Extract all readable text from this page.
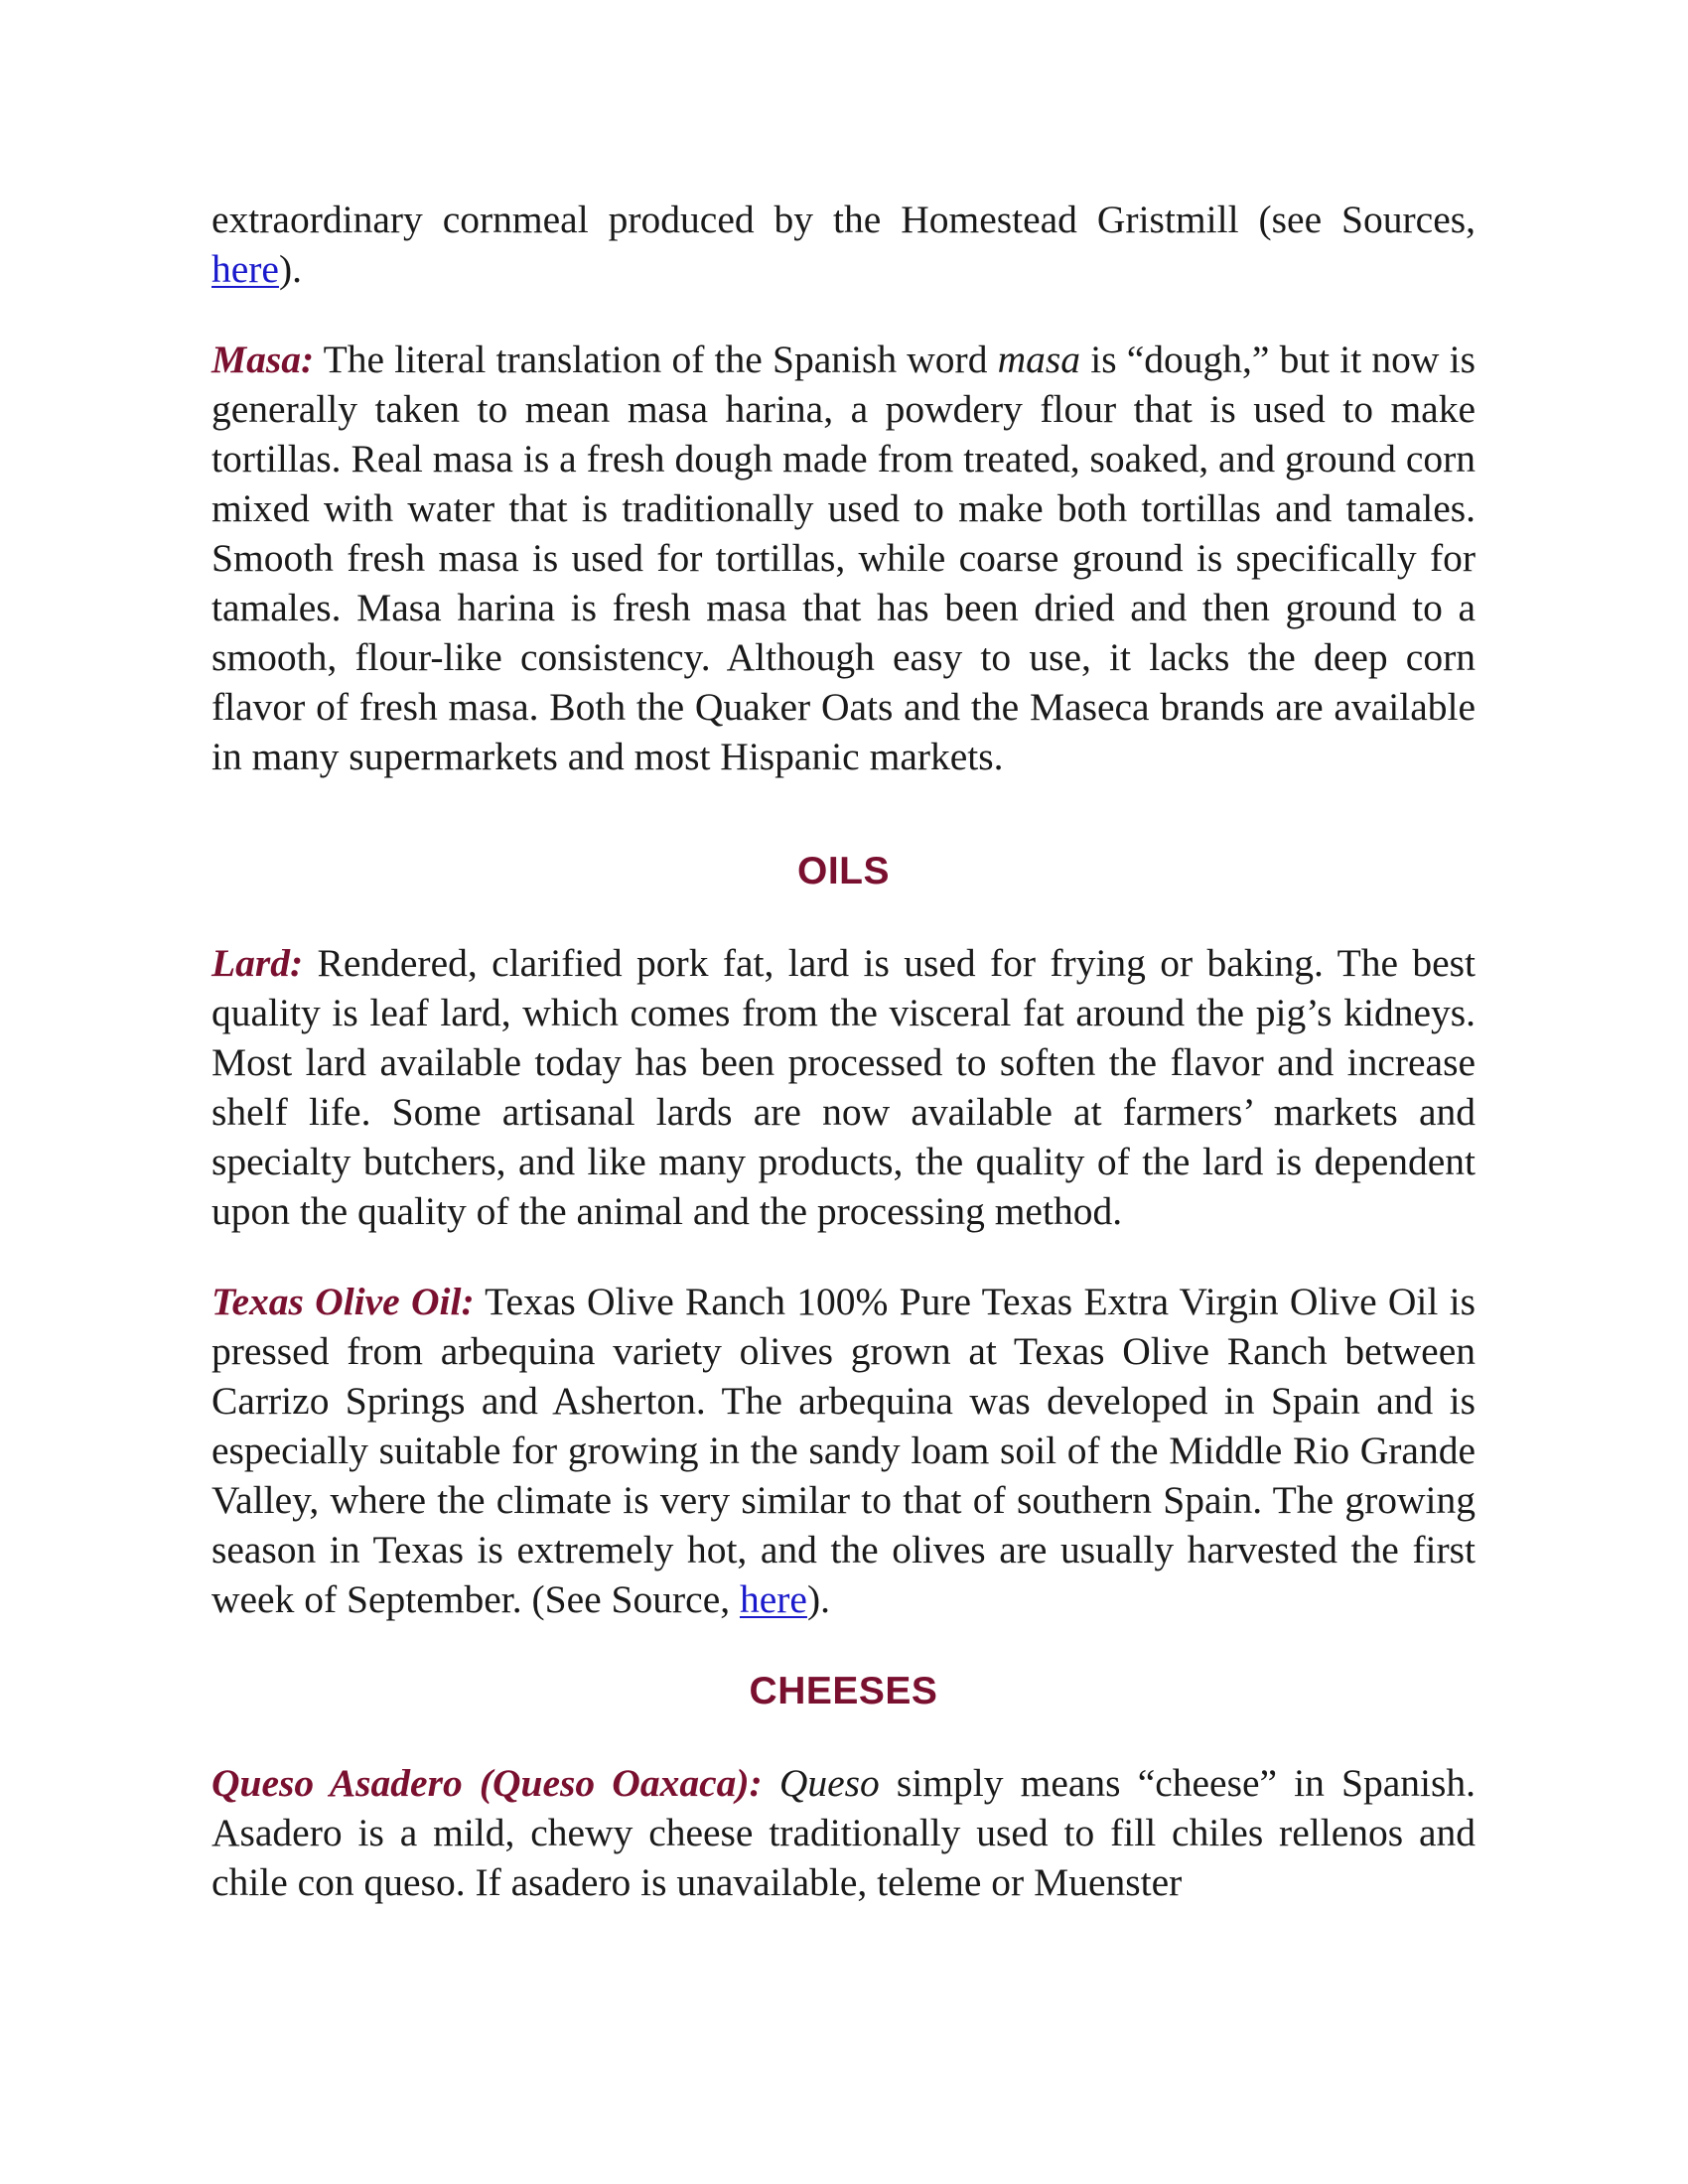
extraordinary cornmeal produced by the Homestead Gristmill (see Sources, here).

Masa: The literal translation of the Spanish word masa is “dough,” but it now is generally taken to mean masa harina, a powdery flour that is used to make tortillas. Real masa is a fresh dough made from treated, soaked, and ground corn mixed with water that is traditionally used to make both tortillas and tamales. Smooth fresh masa is used for tortillas, while coarse ground is specifically for tamales. Masa harina is fresh masa that has been dried and then ground to a smooth, flour-like consistency. Although easy to use, it lacks the deep corn flavor of fresh masa. Both the Quaker Oats and the Maseca brands are available in many supermarkets and most Hispanic markets.

OILS

Lard: Rendered, clarified pork fat, lard is used for frying or baking. The best quality is leaf lard, which comes from the visceral fat around the pig’s kidneys. Most lard available today has been processed to soften the flavor and increase shelf life. Some artisanal lards are now available at farmers’ markets and specialty butchers, and like many products, the quality of the lard is dependent upon the quality of the animal and the processing method.

Texas Olive Oil: Texas Olive Ranch 100% Pure Texas Extra Virgin Olive Oil is pressed from arbequina variety olives grown at Texas Olive Ranch between Carrizo Springs and Asherton. The arbequina was developed in Spain and is especially suitable for growing in the sandy loam soil of the Middle Rio Grande Valley, where the climate is very similar to that of southern Spain. The growing season in Texas is extremely hot, and the olives are usually harvested the first week of September. (See Source, here).

CHEESES

Queso Asadero (Queso Oaxaca): Queso simply means “cheese” in Spanish. Asadero is a mild, chewy cheese traditionally used to fill chiles rellenos and chile con queso. If asadero is unavailable, teleme or Muenster
